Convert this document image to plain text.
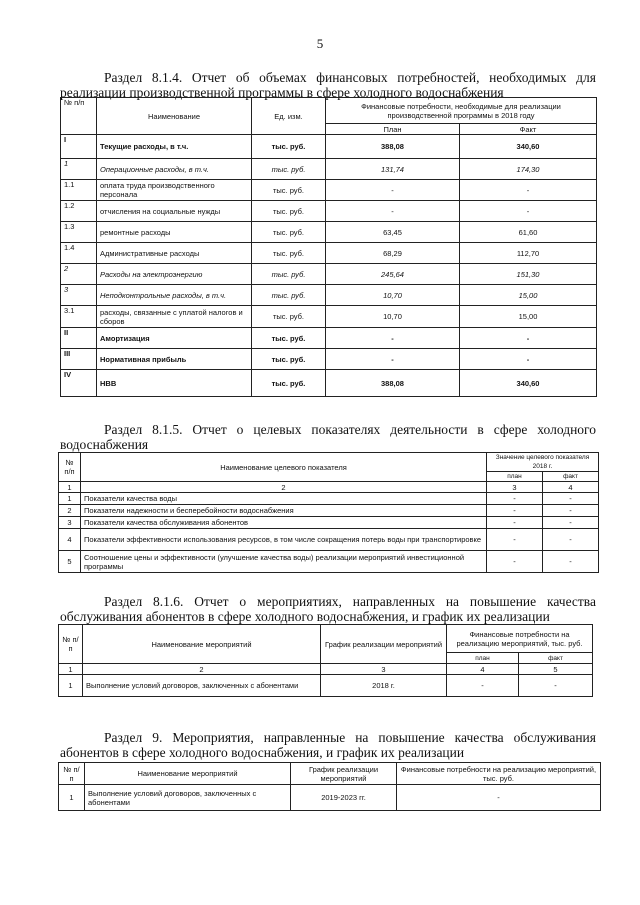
5
Раздел 8.1.4. Отчет об объемах финансовых потребностей, необходимых для реализации производственной программы в сфере холодного водоснабжения
№ п/п	Наименование	Ед. изм.	Финансовые потребности, необходимые для реализации производственной программы в 2018 году	
			План	Факт
I	Текущие расходы, в т.ч.	тыс. руб.	388,08	340,60
1	Операционные расходы, в т.ч.	тыс. руб.	131,74	174,30
1.1	оплата труда производственного персонала	тыс. руб.	-	-
1.2	отчисления на социальные нужды	тыс. руб.	-	-
1.3	ремонтные расходы	тыс. руб.	63,45	61,60
1.4	Административные расходы	тыс. руб.	68,29	112,70
2	Расходы на электроэнергию	тыс. руб.	245,64	151,30
3	Неподконтрольные расходы, в т.ч.	тыс. руб.	10,70	15,00
3.1	расходы, связанные с уплатой налогов и сборов	тыс. руб.	10,70	15,00
II	Амортизация	тыс. руб.	-	-
III	Нормативная прибыль	тыс. руб.	-	-
IV	НВВ	тыс. руб.	388,08	340,60
Раздел 8.1.5. Отчет о целевых показателях деятельности в сфере холодного водоснабжения
№ п/п	Наименование целевого показателя	Значение целевого показателя 2018 г.	
		план	факт
1	2	3	4
1	Показатели качества воды	-	-
2	Показатели надежности и бесперебойности водоснабжения	-	-
3	Показатели качества обслуживания абонентов	-	-
4	Показатели эффективности использования ресурсов, в том числе сокращения потерь воды при транспортировке	-	-
5	Соотношение цены и эффективности (улучшение качества воды) реализации мероприятий инвестиционной программы	-	-
Раздел 8.1.6. Отчет о мероприятиях, направленных на повышение качества обслуживания абонентов в сфере холодного водоснабжения, и график их реализации
№ п/п	Наименование мероприятий	График реализации мероприятий	Финансовые потребности на реализацию мероприятий, тыс. руб.	
			план	факт
1	2	3	4	5
1	Выполнение условий договоров, заключенных с абонентами	2018 г.	-	-
Раздел 9. Мероприятия, направленные на повышение качества обслуживания абонентов в сфере холодного водоснабжения, и график их реализации
№ п/п	Наименование мероприятий	График реализации мероприятий	Финансовые потребности на реализацию мероприятий, тыс. руб.
1	Выполнение условий договоров, заключенных с абонентами	2019-2023 гг.	-
